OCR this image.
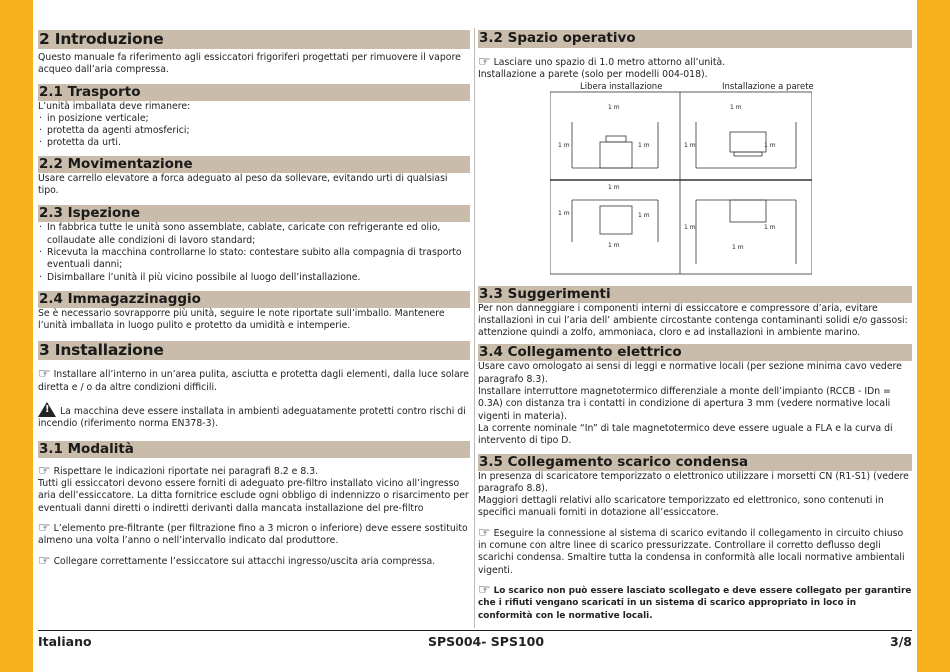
2 Introduzione
Questo manuale fa riferimento agli essiccatori frigoriferi progettati per rimuovere il vapore acqueo dall’aria compressa.
2.1 Trasporto
L’unità imballata deve rimanere:
· in posizione verticale;
· protetta da agenti atmosferici;
· protetta da urti.
2.2 Movimentazione
Usare carrello elevatore a forca adeguato al peso da sollevare, evitando urti di qualsiasi tipo.
2.3 Ispezione
· In fabbrica tutte le unità sono assemblate, cablate, caricate con refrigerante ed olio, collaudate alle condizioni di lavoro standard;
· Ricevuta la macchina controllarne lo stato: contestare subito alla compagnia di trasporto eventuali danni;
· Disimballare l’unità il più vicino possibile al luogo dell’installazione.
2.4 Immagazzinaggio
Se è necessario sovrapporre più unità, seguire le note riportate sull’imballo. Mantenere l’unità imballata in luogo pulito e protetto da umidità e intemperie.
3 Installazione
☞ Installare all’interno in un’area pulita, asciutta e protetta dagli elementi, dalla luce solare diretta e / o da altre condizioni difficili.
! La macchina deve essere installata in ambienti adeguatamente protetti contro rischi di incendio (riferimento norma EN378-3).
3.1 Modalità
☞ Rispettare le indicazioni riportate nei paragrafi 8.2 e 8.3.
Tutti gli essiccatori devono essere forniti di adeguato pre-filtro installato vicino all’ingresso aria dell’essiccatore. La ditta fornitrice esclude ogni obbligo di indennizzo o risarcimento per eventuali danni diretti o indiretti derivanti dalla mancata installazione del pre-filtro
☞ L’elemento pre-filtrante (per filtrazione fino a 3 micron o inferiore) deve essere sostituito almeno una volta l’anno o nell’intervallo indicato dal produttore.
☞ Collegare correttamente l’essiccatore sui attacchi ingresso/uscita aria compressa.
3.2 Spazio operativo
☞ Lasciare uno spazio di 1.0 metro attorno all’unità.
Installazione a parete (solo per modelli 004-018).
Libera installazione	Installazione a parete
1 m
1 m	1 m
1 m
1 m	1 m
1 m
1 m	1 m
1 m
1 m	1 m
1 m
3.3 Suggerimenti
Per non danneggiare i componenti interni di essiccatore e compressore d’aria, evitare installazioni in cui l’aria dell’ ambiente circostante contenga contaminanti solidi e/o gassosi: attenzione quindi a zolfo, ammoniaca, cloro e ad installazioni in ambiente marino.
3.4 Collegamento elettrico
Usare cavo omologato ai sensi di leggi e normative locali (per sezione minima cavo vedere paragrafo 8.3).
Installare interruttore magnetotermico differenziale a monte dell’impianto (RCCB - IDn = 0.3A) con distanza tra i contatti in condizione di apertura 3 mm (vedere normative locali vigenti in materia).
La corrente nominale “In” di tale magnetotermico deve essere uguale a FLA e la curva di intervento di tipo D.
3.5 Collegamento scarico condensa
In presenza di scaricatore temporizzato o elettronico utilizzare i morsetti CN (R1-S1) (vedere paragrafo 8.8).
Maggiori dettagli relativi allo scaricatore temporizzato ed elettronico, sono contenuti in specifici manuali forniti in dotazione all’essiccatore.
☞ Eseguire la connessione al sistema di scarico evitando il collegamento in circuito chiuso in comune con altre linee di scarico pressurizzate. Controllare il corretto deflusso degli scarichi condensa. Smaltire tutta la condensa in conformità alle locali normative ambientali vigenti.
☞ Lo scarico non può essere lasciato scollegato e deve essere collegato per garantire che i rifiuti vengano scaricati in un sistema di scarico appropriato in loco in conformità con le normative locali.
Italiano	SPS004- SPS100	3/8
